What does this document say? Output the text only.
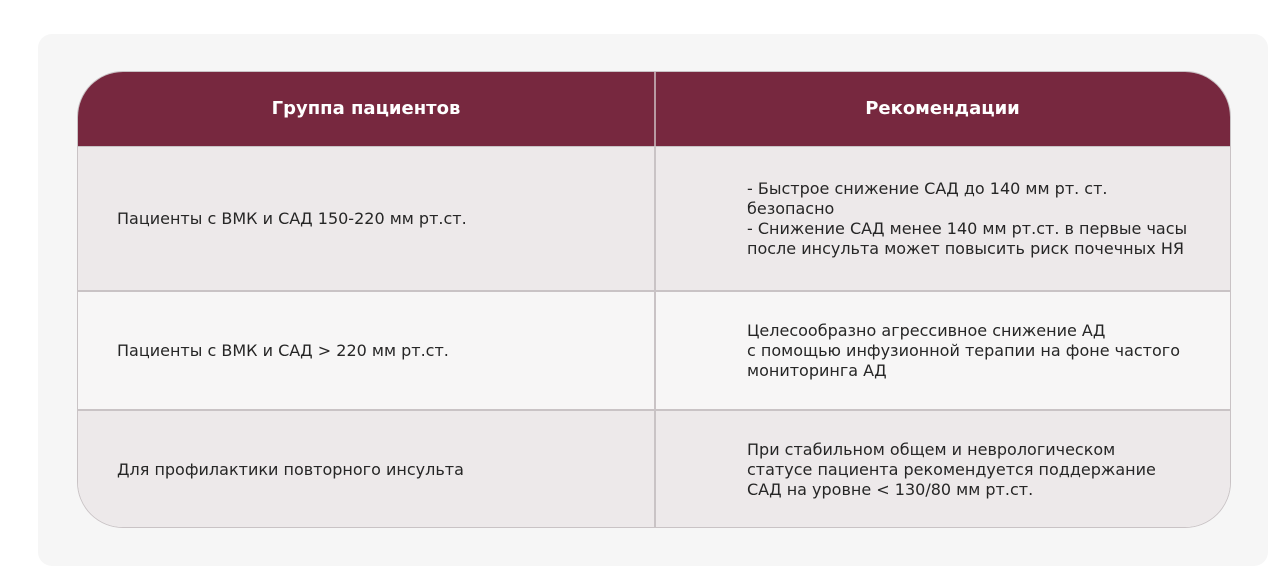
Группа пациентов	Рекомендации
Пациенты с ВМК и САД 150-220 мм рт.ст.
- Быстрое снижение САД до 140 мм рт. ст.
безопасно
- Снижение САД менее 140 мм рт.ст. в первые часы
после инсульта может повысить риск почечных НЯ
Пациенты с ВМК и САД > 220 мм рт.ст.
Целесообразно агрессивное снижение АД
с помощью инфузионной терапии на фоне частого
мониторинга АД
Для профилактики повторного инсульта
При стабильном общем и неврологическом
статусе пациента рекомендуется поддержание
САД на уровне < 130/80 мм рт.ст.
